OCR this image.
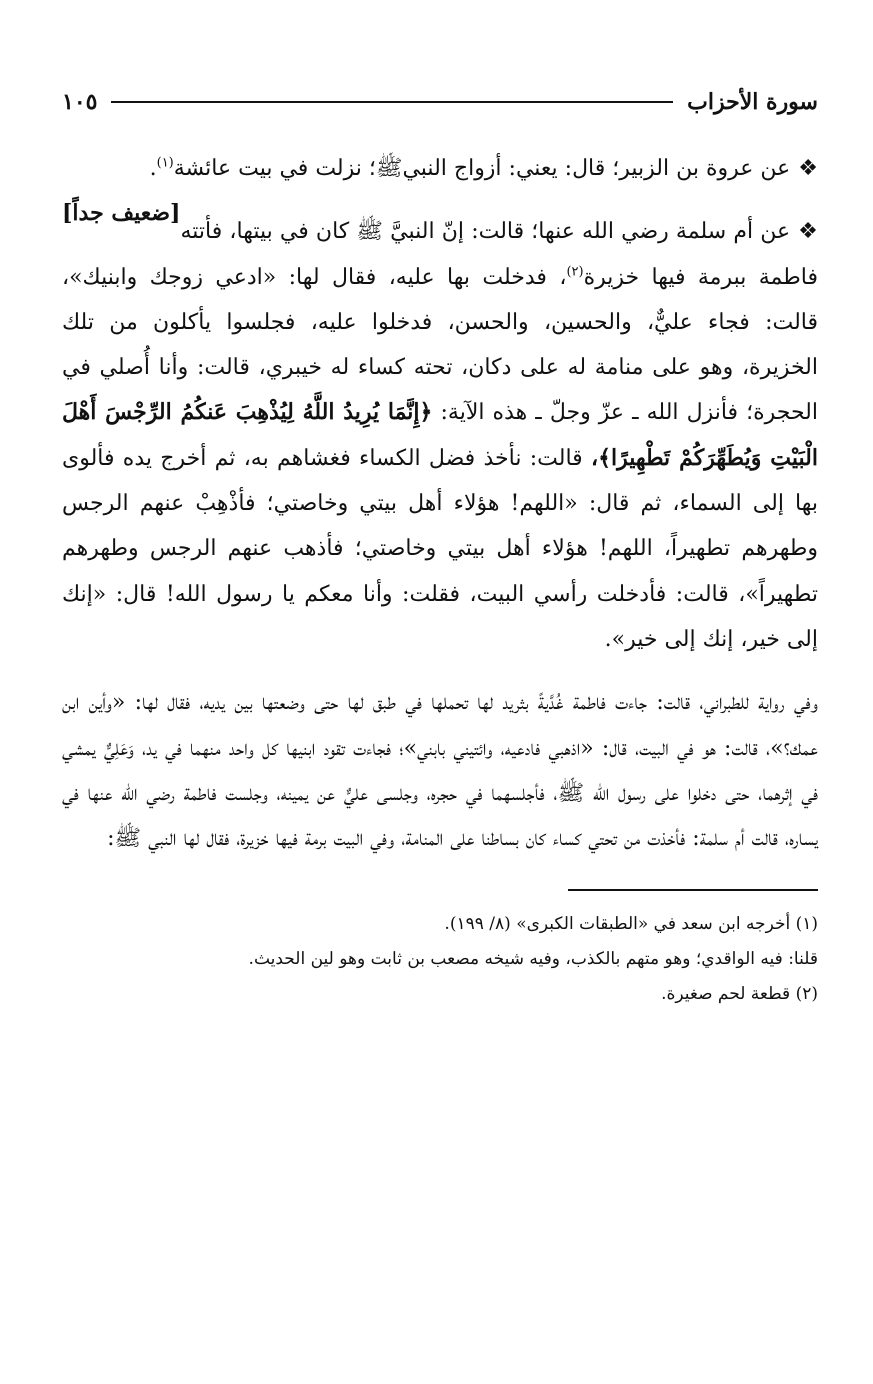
سورة الأحزاب
١٠٥

❖عن عروة بن الزبير؛ قال: يعني: أزواج النبيﷺ؛ نزلت في بيت عائشة$^{(١)}$.
[ضعيف جداً]

❖عن أم سلمة رضي الله عنها؛ قالت: إنّ النبيَّ ﷺ كان في بيتها، فأتته فاطمة ببرمة فيها خزيرة$^{(٢)}$، فدخلت بها عليه، فقال لها: «ادعي زوجك وابنيك»، قالت: فجاء عليٌّ، والحسين، والحسن، فدخلوا عليه، فجلسوا يأكلون من تلك الخزيرة، وهو على منامة له على دكان، تحته كساء له خيبري، قالت: وأنا أُصلي في الحجرة؛ فأنزل الله ـ عزّ وجلّ ـ هذه الآية: ﴿إِنَّمَا يُرِيدُ اللَّهُ لِيُذْهِبَ عَنكُمُ الرِّجْسَ أَهْلَ الْبَيْتِ وَيُطَهِّرَكُمْ تَطْهِيرًا﴾، قالت: نأخذ فضل الكساء فغشاهم به، ثم أخرج يده فألوى بها إلى السماء، ثم قال: «اللهم! هؤلاء أهل بيتي وخاصتي؛ فأذْهِبْ عنهم الرجس وطهرهم تطهيراً، اللهم! هؤلاء أهل بيتي وخاصتي؛ فأذهب عنهم الرجس وطهرهم تطهيراً»، قالت: فأدخلت رأسي البيت، فقلت: وأنا معكم يا رسول الله! قال: «إنك إلى خير، إنك إلى خير».

وفي رواية للطبراني، قالت: جاءت فاطمة غُدَّيةً بثريد لها تحملها في طبق لها حتى وضعتها بين يديه، فقال لها: «وأين ابن عمك؟»، قالت: هو في البيت، قال: «اذهبي فادعيه، وائتيني بابني»؛ فجاءت تقود ابنيها كل واحد منهما في يد، وَعَلِيٌّ يمشي في إثرهما، حتى دخلوا على رسول الله ﷺ، فأجلسهما في حجره، وجلسى عليٌّ عن يمينه، وجلست فاطمة رضي الله عنها في يساره، قالت أم سلمة: فأخذت من تحتي كساء كان بساطنا على المنامة، وفي البيت برمة فيها خزيرة، فقال لها النبي ﷺ:

(١) أخرجه ابن سعد في «الطبقات الكبرى» (٨/ ١٩٩).

قلنا: فيه الواقدي؛ وهو متهم بالكذب، وفيه شيخه مصعب بن ثابت وهو لين الحديث.

(٢) قطعة لحم صغيرة.
